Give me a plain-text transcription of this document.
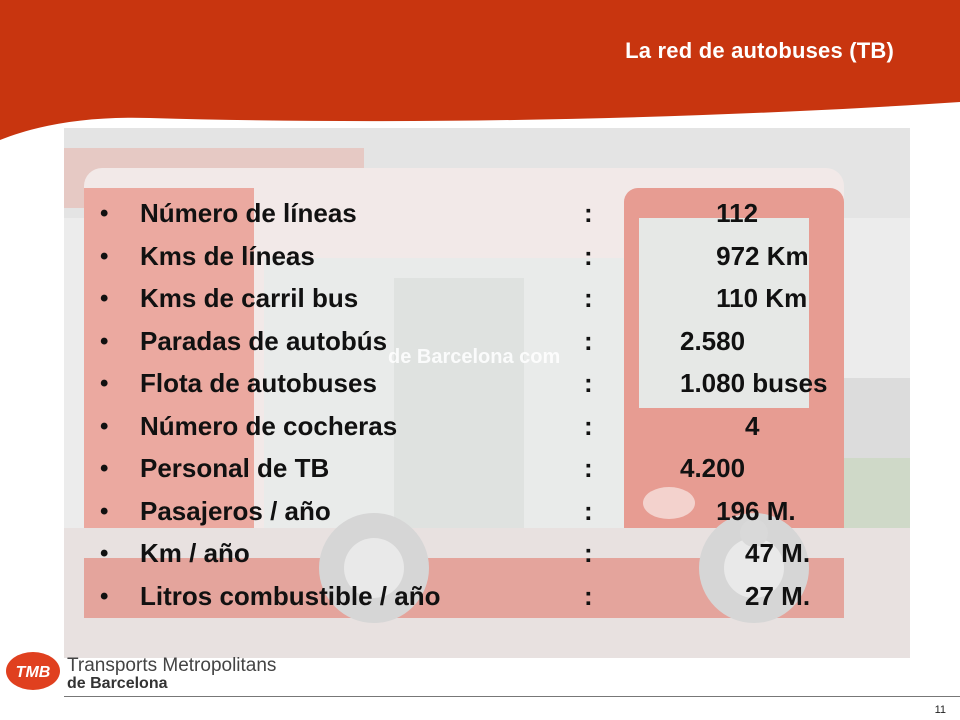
La red de autobuses (TB)
de Barcelona com
• Número de líneas	:	112
• Kms de líneas	:	972 Km
• Kms de carril bus	:	110 Km
• Paradas de autobús	:	2.580
• Flota de autobuses	:	1.080 buses
• Número de cocheras	:	4
• Personal de TB	:	4.200
• Pasajeros / año	:	196 M.
• Km / año	:	47 M.
• Litros combustible / año	:	27 M.
TMB Transports Metropolitans
de Barcelona
11
